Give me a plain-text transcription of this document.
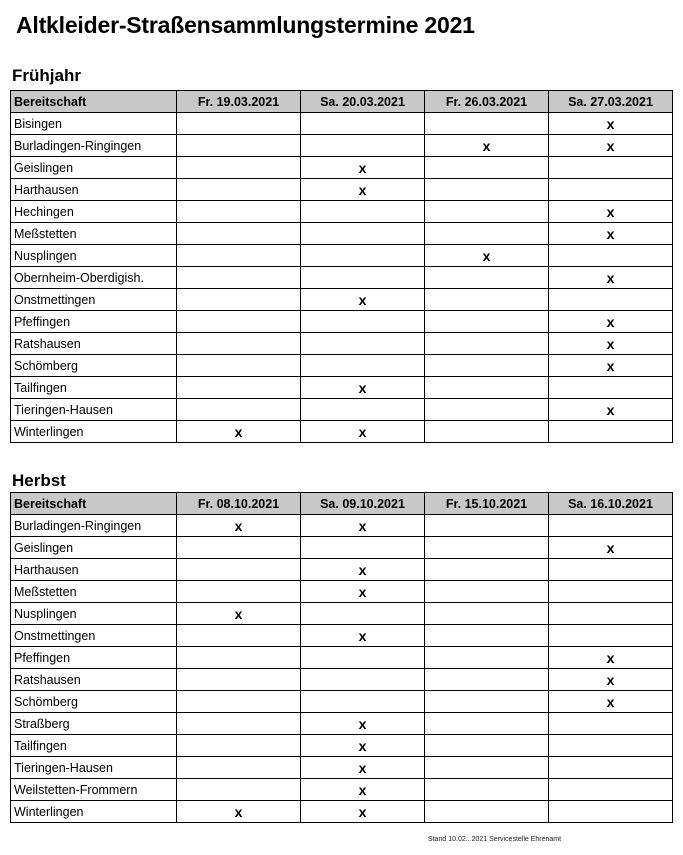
Altkleider-Straßensammlungstermine 2021
Frühjahr
Bereitschaft	Fr. 19.03.2021	Sa. 20.03.2021	Fr. 26.03.2021	Sa. 27.03.2021
Bisingen				x
Burladingen-Ringingen			x	x
Geislingen		x		
Harthausen		x		
Hechingen				x
Meßstetten				x
Nusplingen			x	
Obernheim-Oberdigish.				x
Onstmettingen		x		
Pfeffingen				x
Ratshausen				x
Schömberg				x
Tailfingen		x		
Tieringen-Hausen				x
Winterlingen	x	x		
Herbst
Bereitschaft	Fr. 08.10.2021	Sa. 09.10.2021	Fr. 15.10.2021	Sa. 16.10.2021
Burladingen-Ringingen	x	x		
Geislingen				x
Harthausen		x		
Meßstetten		x		
Nusplingen	x			
Onstmettingen		x		
Pfeffingen				x
Ratshausen				x
Schömberg				x
Straßberg		x		
Tailfingen		x		
Tieringen-Hausen		x		
Weilstetten-Frommern		x		
Winterlingen	x	x		
Stand 10.02...2021 Servicestelle Ehrenamt
